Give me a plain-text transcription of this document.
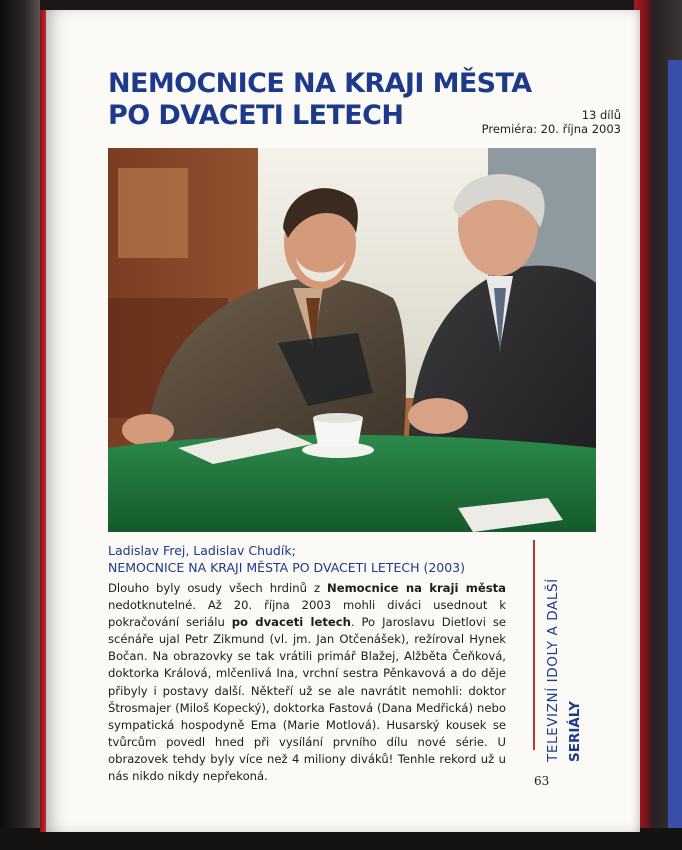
NEMOCNICE NA KRAJI MĚSTA
PO DVACETI LETECH	13 dílů
Premiéra: 20. října 2003
Ladislav Frej, Ladislav Chudík;
NEMOCNICE NA KRAJI MĚSTA PO DVACETI LETECH (2003)

Dlouho byly osudy všech hrdinů z Nemocnice na kraji města nedotknutelné. Až 20. října 2003 mohli diváci usednout k pokračování seriálu po dvaceti letech. Po Jaroslavu Dietlovi se scénáře ujal Petr Zikmund (vl. jm. Jan Otčenášek), režíroval Hynek Bočan. Na obrazovky se tak vrátili primář Blažej, Alžběta Čeňková, doktorka Králová, mlčenlivá Ina, vrchní sestra Pěnkavová a do děje přibyly i postavy další. Někteří už se ale navrátit nemohli: doktor Štrosmajer (Miloš Kopecký), doktorka Fastová (Dana Medřická) nebo sympatická hospodyně Ema (Marie Motlová). Husarský kousek se tvůrcům povedl hned při vysílání prvního dílu nové série. U obrazovek tehdy byly více než 4 miliony diváků! Tenhle rekord už u nás nikdo nikdy nepřekoná.

TELEVIZNÍ IDOLY A DALŠÍ SERIÁLY
63
